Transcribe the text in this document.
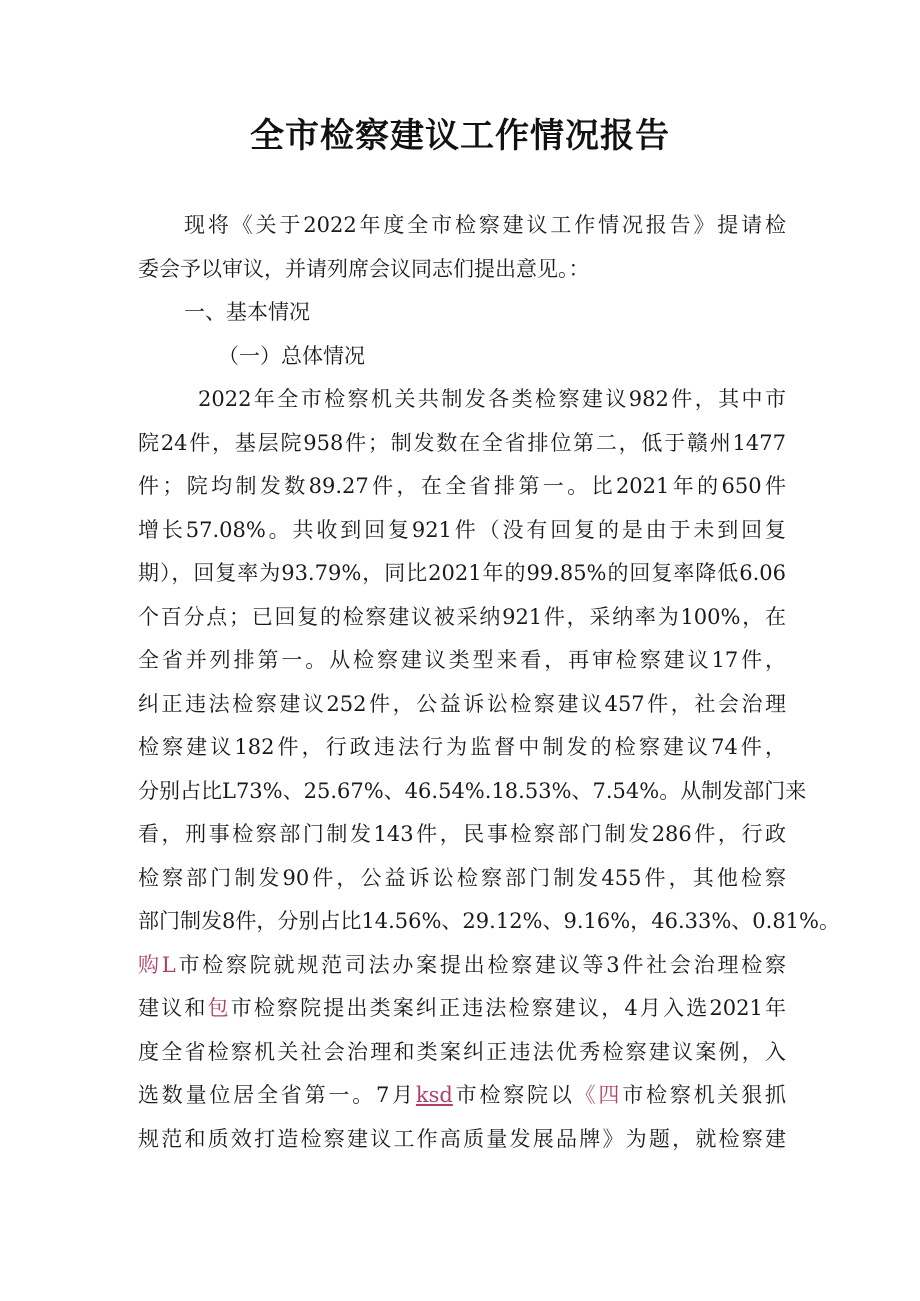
全市检察建议工作情况报告
现将《关于2022年度全市检察建议工作情况报告》提请检
委会予以审议，并请列席会议同志们提出意见。：
一、基本情况
（一）总体情况
2022年全市检察机关共制发各类检察建议982件，其中市
院24件，基层院958件；制发数在全省排位第二，低于赣州1477
件；院均制发数89.27件，在全省排第一。比2021年的650件
增长57.08%。共收到回复921件（没有回复的是由于未到回复
期），回复率为93.79%，同比2021年的99.85%的回复率降低6.06
个百分点；已回复的检察建议被采纳921件，采纳率为100%，在
全省并列排第一。从检察建议类型来看，再审检察建议17件，
纠正违法检察建议252件，公益诉讼检察建议457件，社会治理
检察建议182件，行政违法行为监督中制发的检察建议74件，
分别占比L73%、25.67%、46.54%.18.53%、7.54%。从制发部门来
看，刑事检察部门制发143件，民事检察部门制发286件，行政
检察部门制发90件，公益诉讼检察部门制发455件，其他检察
部门制发8件，分别占比14.56%、29.12%、9.16%，46.33%、0.81%。
购L市检察院就规范司法办案提出检察建议等3件社会治理检察
建议和包市检察院提出类案纠正违法检察建议，4月入选2021年
度全省检察机关社会治理和类案纠正违法优秀检察建议案例，入
选数量位居全省第一。7月ksd市检察院以《四市检察机关狠抓
规范和质效打造检察建议工作高质量发展品牌》为题，就检察建
